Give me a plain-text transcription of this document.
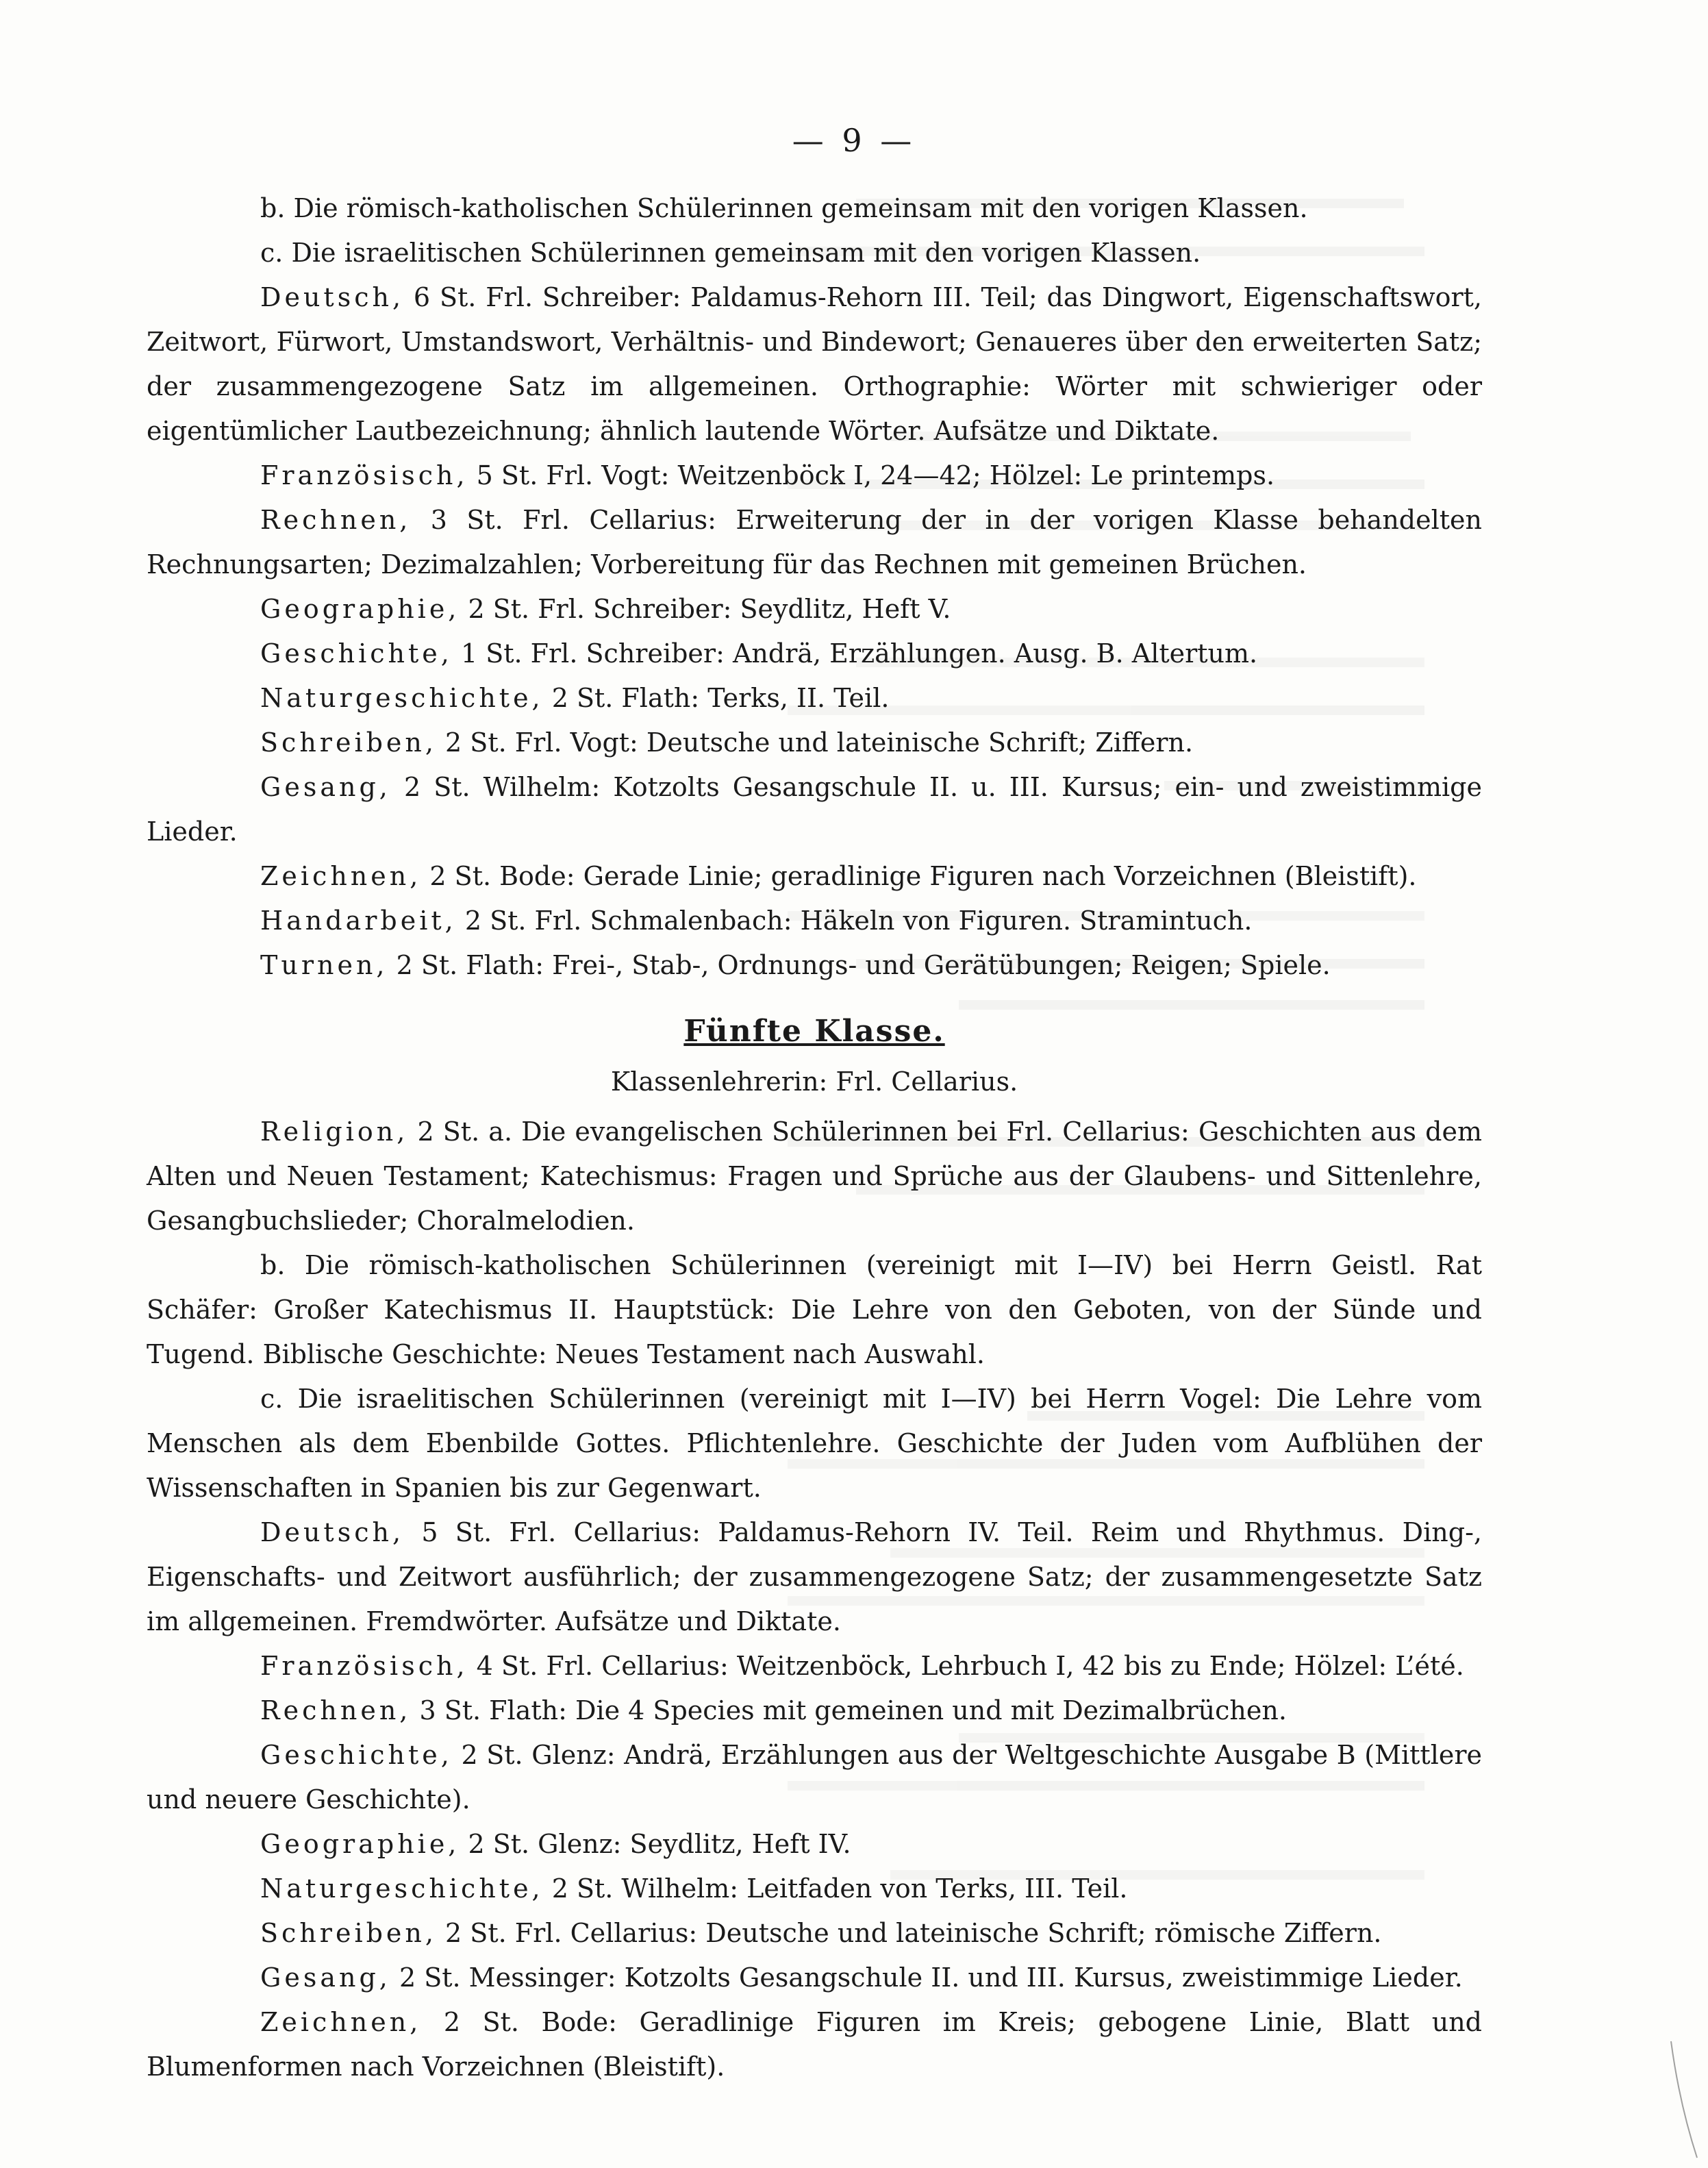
— 9 —

b. Die römisch-katholischen Schülerinnen gemeinsam mit den vorigen Klassen.

c. Die israelitischen Schülerinnen gemeinsam mit den vorigen Klassen.

Deutsch, 6 St. Frl. Schreiber: Paldamus-Rehorn III. Teil; das Dingwort, Eigenschaftswort, Zeitwort, Fürwort, Umstandswort, Verhältnis- und Bindewort; Genaueres über den erweiterten Satz; der zusammengezogene Satz im allgemeinen. Orthographie: Wörter mit schwieriger oder eigentümlicher Lautbezeichnung; ähnlich lautende Wörter. Aufsätze und Diktate.

Französisch, 5 St. Frl. Vogt: Weitzenböck I, 24—42; Hölzel: Le printemps.

Rechnen, 3 St. Frl. Cellarius: Erweiterung der in der vorigen Klasse behandelten Rechnungsarten; Dezimalzahlen; Vorbereitung für das Rechnen mit gemeinen Brüchen.

Geographie, 2 St. Frl. Schreiber: Seydlitz, Heft V.

Geschichte, 1 St. Frl. Schreiber: Andrä, Erzählungen. Ausg. B. Altertum.

Naturgeschichte, 2 St. Flath: Terks, II. Teil.

Schreiben, 2 St. Frl. Vogt: Deutsche und lateinische Schrift; Ziffern.

Gesang, 2 St. Wilhelm: Kotzolts Gesangschule II. u. III. Kursus; ein- und zweistimmige Lieder.

Zeichnen, 2 St. Bode: Gerade Linie; geradlinige Figuren nach Vorzeichnen (Bleistift).

Handarbeit, 2 St. Frl. Schmalenbach: Häkeln von Figuren. Stramintuch.

Turnen, 2 St. Flath: Frei-, Stab-, Ordnungs- und Gerätübungen; Reigen; Spiele.

Fünfte Klasse.
Klassenlehrerin: Frl. Cellarius.

Religion, 2 St. a. Die evangelischen Schülerinnen bei Frl. Cellarius: Geschichten aus dem Alten und Neuen Testament; Katechismus: Fragen und Sprüche aus der Glaubens- und Sittenlehre, Gesangbuchslieder; Choralmelodien.

b. Die römisch-katholischen Schülerinnen (vereinigt mit I—IV) bei Herrn Geistl. Rat Schäfer: Großer Katechismus II. Hauptstück: Die Lehre von den Geboten, von der Sünde und Tugend. Biblische Geschichte: Neues Testament nach Auswahl.

c. Die israelitischen Schülerinnen (vereinigt mit I—IV) bei Herrn Vogel: Die Lehre vom Menschen als dem Ebenbilde Gottes. Pflichtenlehre. Geschichte der Juden vom Aufblühen der Wissenschaften in Spanien bis zur Gegenwart.

Deutsch, 5 St. Frl. Cellarius: Paldamus-Rehorn IV. Teil. Reim und Rhythmus. Ding-, Eigenschafts- und Zeitwort ausführlich; der zusammengezogene Satz; der zusammengesetzte Satz im allgemeinen. Fremdwörter. Aufsätze und Diktate.

Französisch, 4 St. Frl. Cellarius: Weitzenböck, Lehrbuch I, 42 bis zu Ende; Hölzel: L’été.

Rechnen, 3 St. Flath: Die 4 Species mit gemeinen und mit Dezimalbrüchen.

Geschichte, 2 St. Glenz: Andrä, Erzählungen aus der Weltgeschichte Ausgabe B (Mittlere und neuere Geschichte).

Geographie, 2 St. Glenz: Seydlitz, Heft IV.

Naturgeschichte, 2 St. Wilhelm: Leitfaden von Terks, III. Teil.

Schreiben, 2 St. Frl. Cellarius: Deutsche und lateinische Schrift; römische Ziffern.

Gesang, 2 St. Messinger: Kotzolts Gesangschule II. und III. Kursus, zweistimmige Lieder.

Zeichnen, 2 St. Bode: Geradlinige Figuren im Kreis; gebogene Linie, Blatt und Blumenformen nach Vorzeichnen (Bleistift).
